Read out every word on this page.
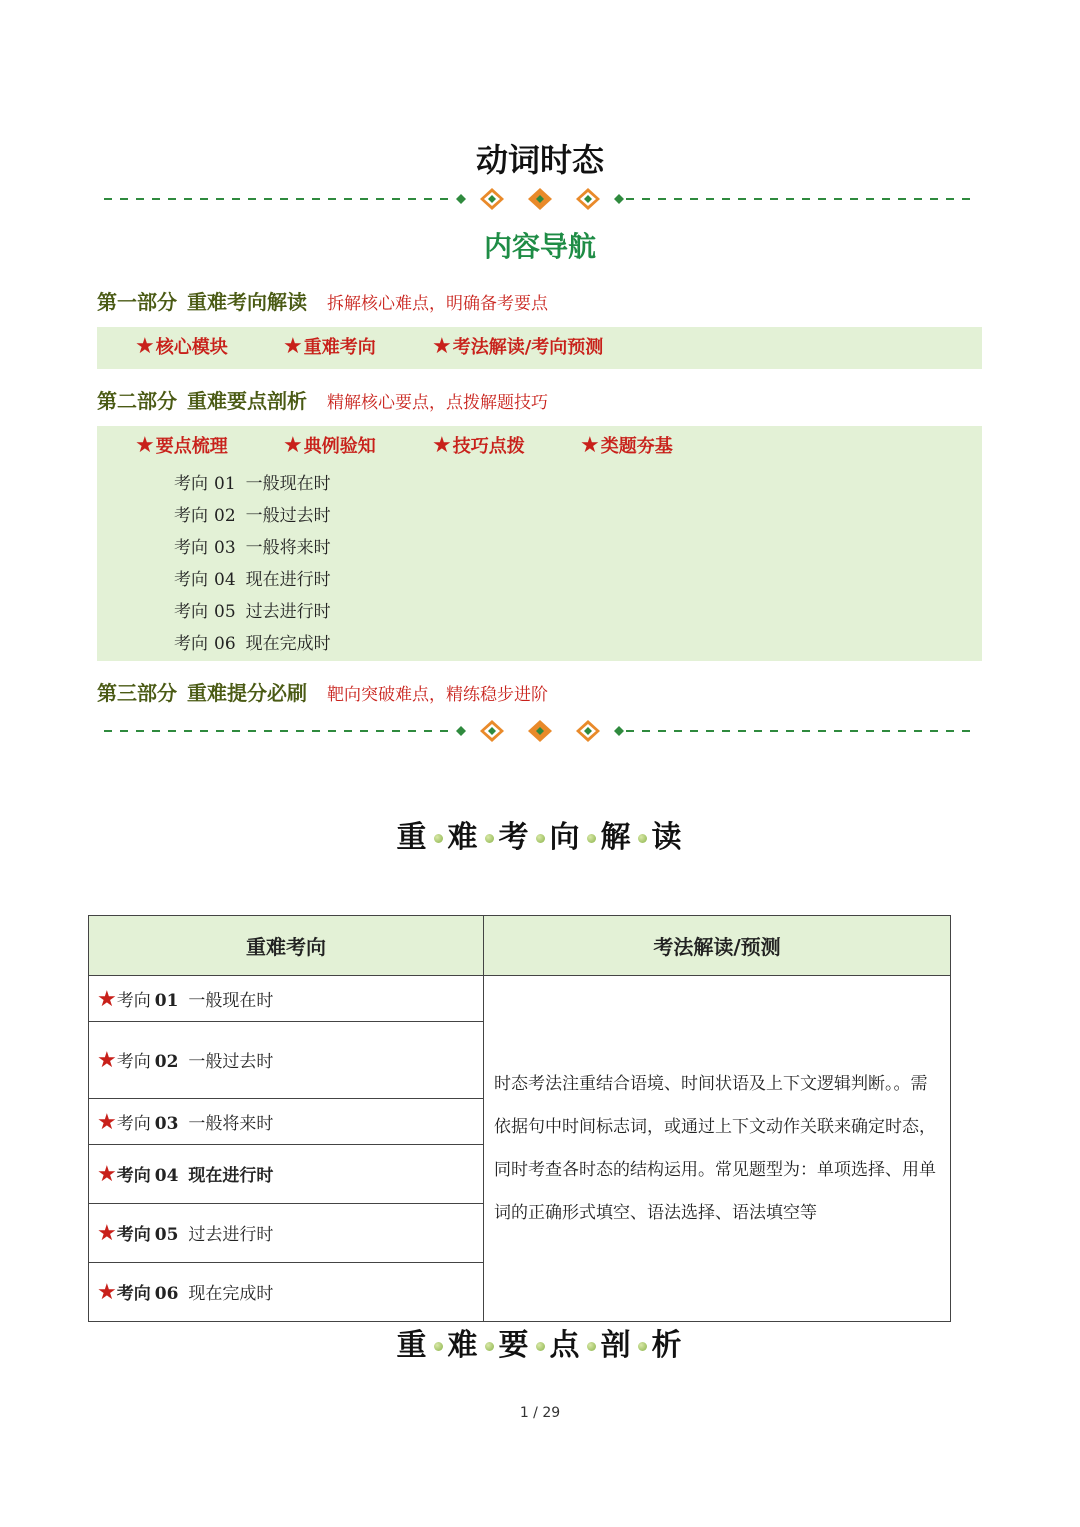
动词时态
内容导航
第一部分 重难考向解读 拆解核心难点，明确备考要点
★核心模块	★重难考向	★考法解读/考向预测
第二部分 重难要点剖析 精解核心要点，点拨解题技巧
★要点梳理	★典例验知	★技巧点拨	★类题夯基
考向 01 一般现在时
考向 02 一般过去时
考向 03 一般将来时
考向 04 现在进行时
考向 05 过去进行时
考向 06 现在完成时
第三部分 重难提分必刷 靶向突破难点，精练稳步进阶
重 难 考 向 解 读
重难考向	考法解读/预测
★考向 01 一般现在时	时态考法注重结合语境、时间状语及上下文逻辑判断。。需依据句中时间标志词，或通过上下文动作关联来确定时态，同时考查各时态的结构运用。常见题型为：单项选择、用单词的正确形式填空、语法选择、语法填空等
★考向 02 一般过去时	
★考向 03 一般将来时	
★考向 04 现在进行时	
★考向 05 过去进行时	
★考向 06 现在完成时	
重 难 要 点 剖 析
1 / 29
